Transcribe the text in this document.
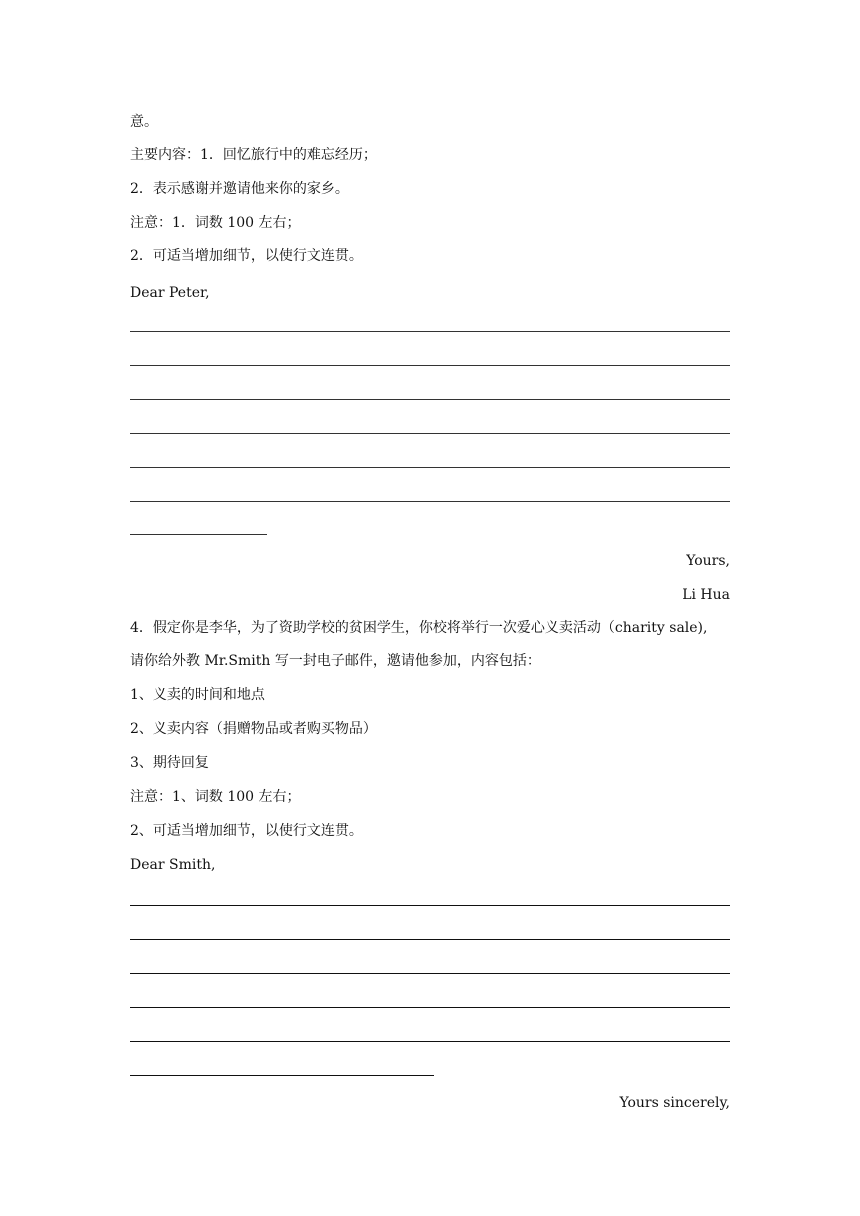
意。
主要内容：1．回忆旅行中的难忘经历；
2．表示感谢并邀请他来你的家乡。
注意：1．词数 100 左右；
2．可适当增加细节，以使行文连贯。
Dear Peter,
Yours,
Li Hua
4．假定你是李华，为了资助学校的贫困学生，你校将举行一次爱心义卖活动（charity sale),
请你给外教 Mr.Smith 写一封电子邮件，邀请他参加，内容包括：
1、义卖的时间和地点
2、义卖内容（捐赠物品或者购买物品）
3、期待回复
注意：1、词数 100 左右；
2、可适当增加细节，以使行文连贯。
Dear Smith,
Yours sincerely,
